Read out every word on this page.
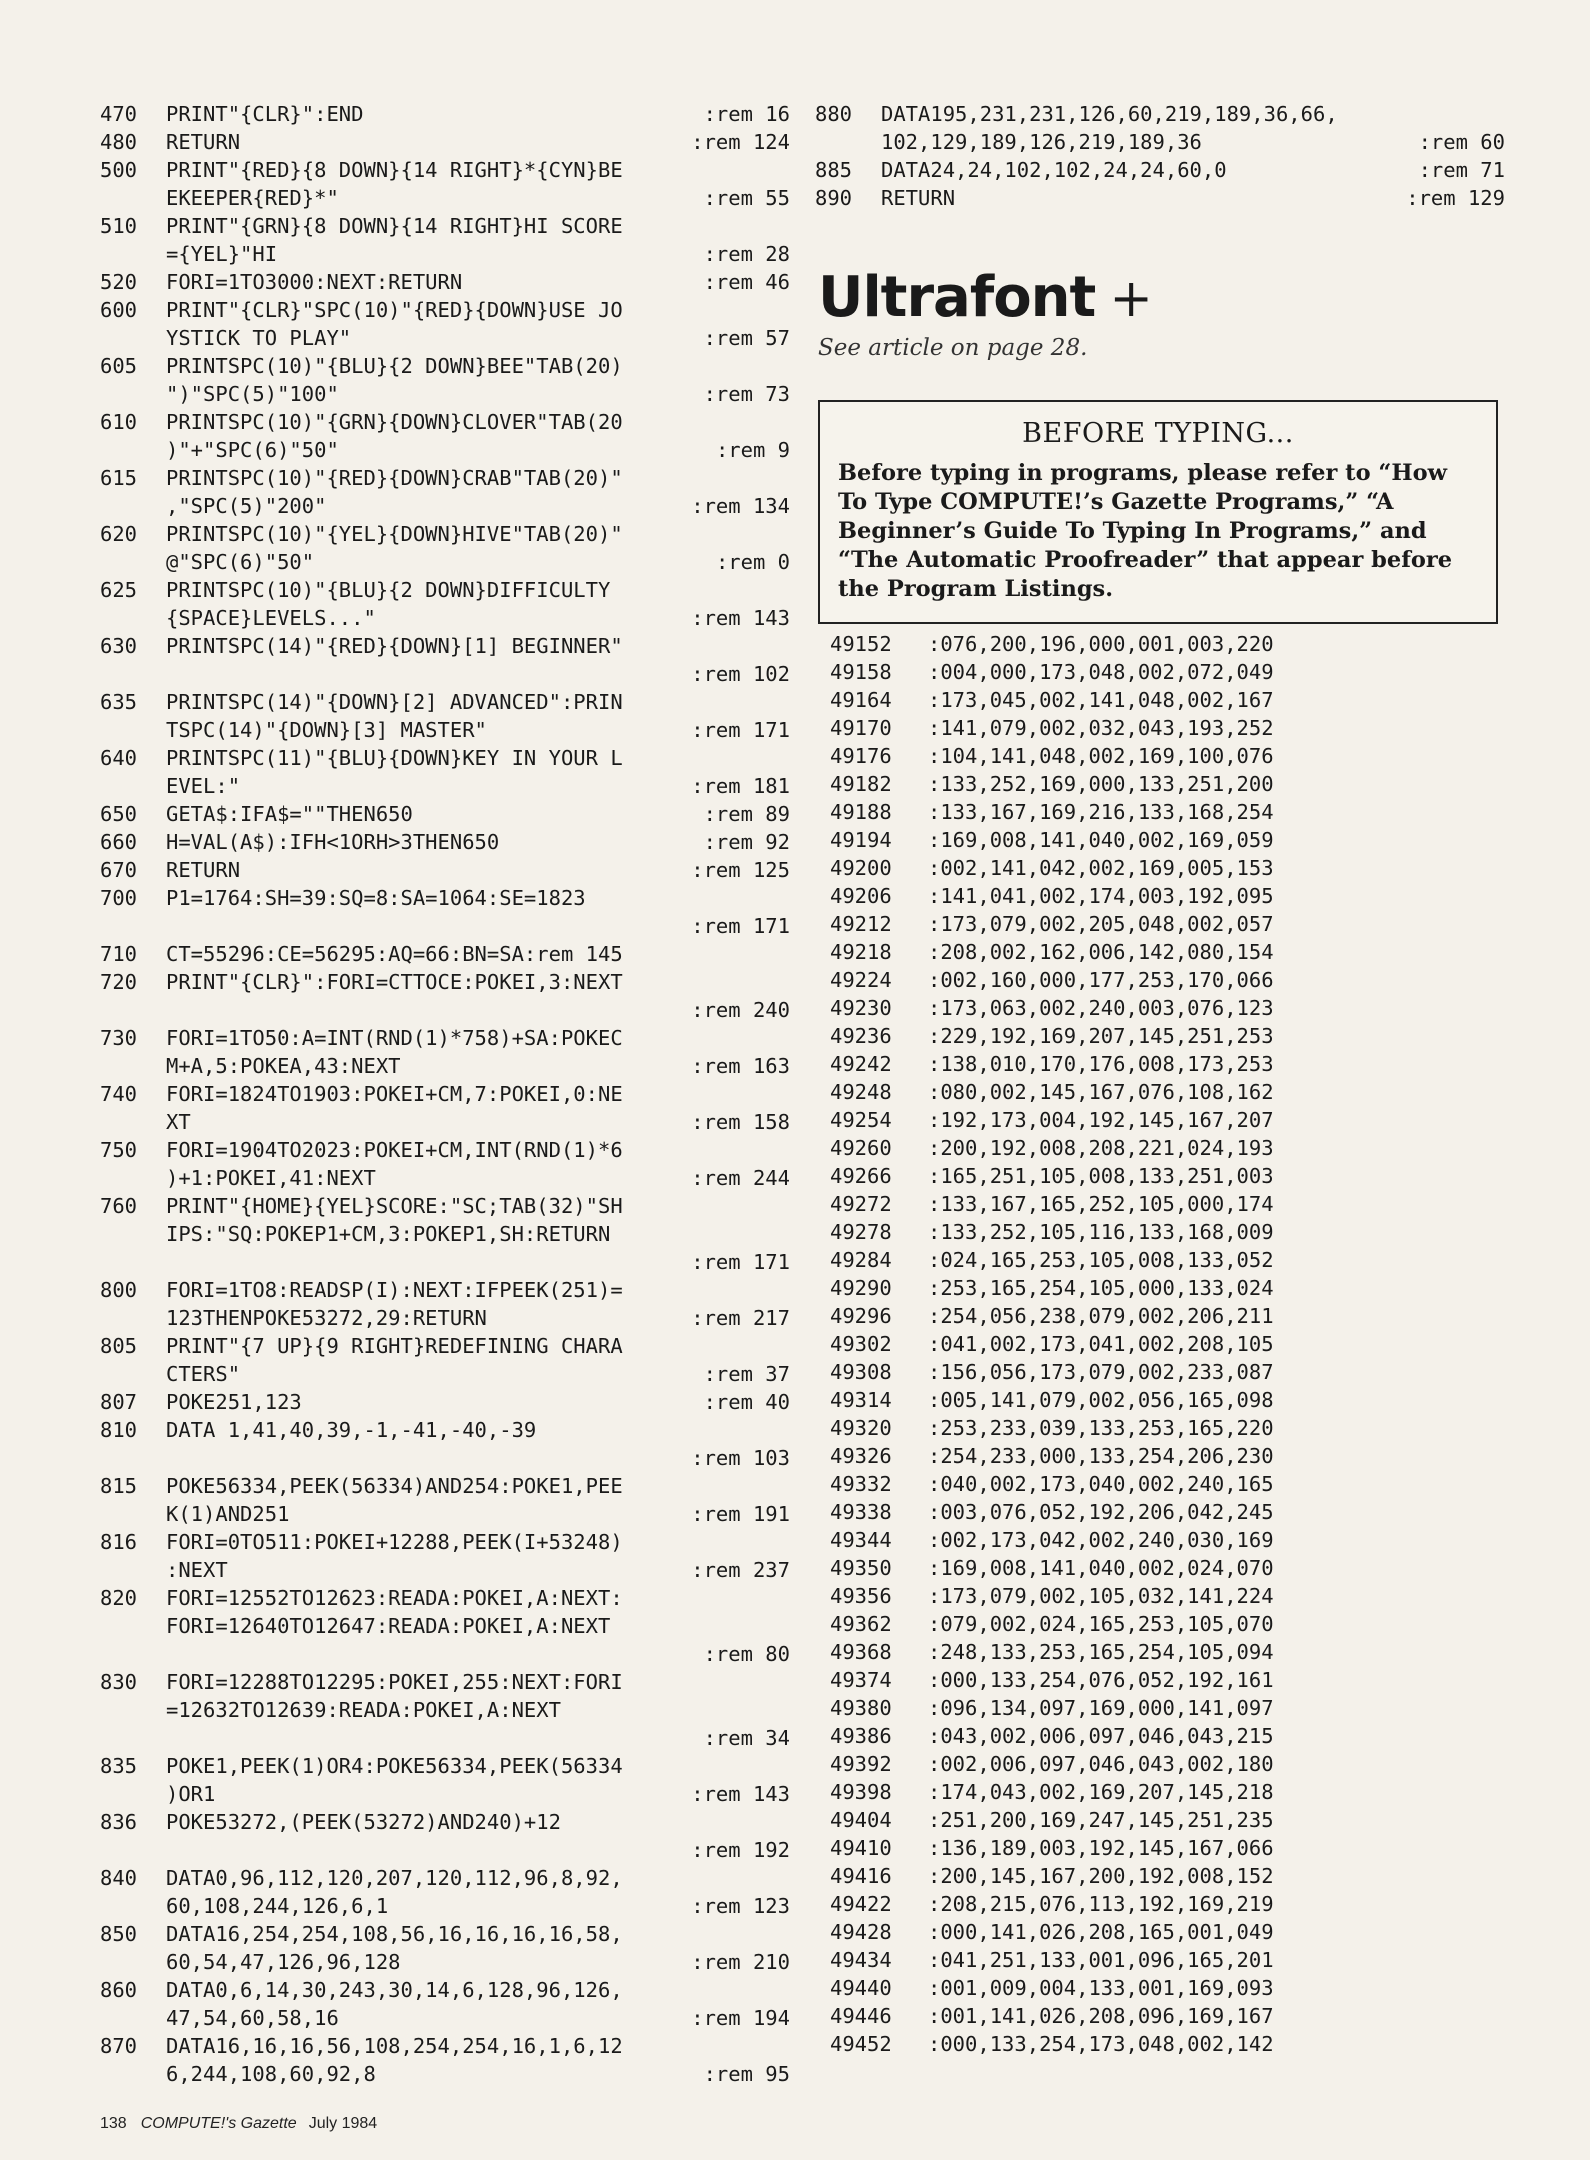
470	PRINT"{CLR}":END	:rem 16
480	RETURN	:rem 124
500	PRINT"{RED}{8 DOWN}{14 RIGHT}*{CYN}BE
EKEEPER{RED}*"	:rem 55
510	PRINT"{GRN}{8 DOWN}{14 RIGHT}HI SCORE
={YEL}"HI	:rem 28
520	FORI=1TO3000:NEXT:RETURN	:rem 46
600	PRINT"{CLR}"SPC(10)"{RED}{DOWN}USE JO
YSTICK TO PLAY"	:rem 57
605	PRINTSPC(10)"{BLU}{2 DOWN}BEE"TAB(20)
")"SPC(5)"100"	:rem 73
610	PRINTSPC(10)"{GRN}{DOWN}CLOVER"TAB(20
)"+"SPC(6)"50"	:rem 9
615	PRINTSPC(10)"{RED}{DOWN}CRAB"TAB(20)"
,"SPC(5)"200"	:rem 134
620	PRINTSPC(10)"{YEL}{DOWN}HIVE"TAB(20)"
@"SPC(6)"50"	:rem 0
625	PRINTSPC(10)"{BLU}{2 DOWN}DIFFICULTY
{SPACE}LEVELS..."	:rem 143
630	PRINTSPC(14)"{RED}{DOWN}[1] BEGINNER"
:rem 102
635	PRINTSPC(14)"{DOWN}[2] ADVANCED":PRIN
TSPC(14)"{DOWN}[3] MASTER"	:rem 171
640	PRINTSPC(11)"{BLU}{DOWN}KEY IN YOUR L
EVEL:"	:rem 181
650	GETA$:IFA$=""THEN650	:rem 89
660	H=VAL(A$):IFH<1ORH>3THEN650	:rem 92
670	RETURN	:rem 125
700	P1=1764:SH=39:SQ=8:SA=1064:SE=1823
:rem 171
710	CT=55296:CE=56295:AQ=66:BN=SA:rem 145
720	PRINT"{CLR}":FORI=CTTOCE:POKEI,3:NEXT
:rem 240
730	FORI=1TO50:A=INT(RND(1)*758)+SA:POKEC
M+A,5:POKEA,43:NEXT	:rem 163
740	FORI=1824TO1903:POKEI+CM,7:POKEI,0:NE
XT	:rem 158
750	FORI=1904TO2023:POKEI+CM,INT(RND(1)*6
)+1:POKEI,41:NEXT	:rem 244
760	PRINT"{HOME}{YEL}SCORE:"SC;TAB(32)"SH
IPS:"SQ:POKEP1+CM,3:POKEP1,SH:RETURN
:rem 171
800	FORI=1TO8:READSP(I):NEXT:IFPEEK(251)=
123THENPOKE53272,29:RETURN	:rem 217
805	PRINT"{7 UP}{9 RIGHT}REDEFINING CHARA
CTERS"	:rem 37
807	POKE251,123	:rem 40
810	DATA 1,41,40,39,-1,-41,-40,-39
:rem 103
815	POKE56334,PEEK(56334)AND254:POKE1,PEE
K(1)AND251	:rem 191
816	FORI=0TO511:POKEI+12288,PEEK(I+53248)
:NEXT	:rem 237
820	FORI=12552TO12623:READA:POKEI,A:NEXT:
FORI=12640TO12647:READA:POKEI,A:NEXT
:rem 80
830	FORI=12288TO12295:POKEI,255:NEXT:FORI
=12632TO12639:READA:POKEI,A:NEXT
:rem 34
835	POKE1,PEEK(1)OR4:POKE56334,PEEK(56334
)OR1	:rem 143
836	POKE53272,(PEEK(53272)AND240)+12
:rem 192
840	DATA0,96,112,120,207,120,112,96,8,92,
60,108,244,126,6,1	:rem 123
850	DATA16,254,254,108,56,16,16,16,16,58,
60,54,47,126,96,128	:rem 210
860	DATA0,6,14,30,243,30,14,6,128,96,126,
47,54,60,58,16	:rem 194
870	DATA16,16,16,56,108,254,254,16,1,6,12
6,244,108,60,92,8	:rem 95
880	DATA195,231,231,126,60,219,189,36,66,
102,129,189,126,219,189,36	:rem 60
885	DATA24,24,102,102,24,24,60,0	:rem 71
890	RETURN	:rem 129
Ultrafont +
See article on page 28.
BEFORE TYPING...

Before typing in programs, please refer to “How To Type COMPUTE!’s Gazette Programs,” “A Beginner’s Guide To Typing In Programs,” and “The Automatic Proofreader” that appear before the Program Listings.

49152	:076,200,196,000,001,003,220
49158	:004,000,173,048,002,072,049
49164	:173,045,002,141,048,002,167
49170	:141,079,002,032,043,193,252
49176	:104,141,048,002,169,100,076
49182	:133,252,169,000,133,251,200
49188	:133,167,169,216,133,168,254
49194	:169,008,141,040,002,169,059
49200	:002,141,042,002,169,005,153
49206	:141,041,002,174,003,192,095
49212	:173,079,002,205,048,002,057
49218	:208,002,162,006,142,080,154
49224	:002,160,000,177,253,170,066
49230	:173,063,002,240,003,076,123
49236	:229,192,169,207,145,251,253
49242	:138,010,170,176,008,173,253
49248	:080,002,145,167,076,108,162
49254	:192,173,004,192,145,167,207
49260	:200,192,008,208,221,024,193
49266	:165,251,105,008,133,251,003
49272	:133,167,165,252,105,000,174
49278	:133,252,105,116,133,168,009
49284	:024,165,253,105,008,133,052
49290	:253,165,254,105,000,133,024
49296	:254,056,238,079,002,206,211
49302	:041,002,173,041,002,208,105
49308	:156,056,173,079,002,233,087
49314	:005,141,079,002,056,165,098
49320	:253,233,039,133,253,165,220
49326	:254,233,000,133,254,206,230
49332	:040,002,173,040,002,240,165
49338	:003,076,052,192,206,042,245
49344	:002,173,042,002,240,030,169
49350	:169,008,141,040,002,024,070
49356	:173,079,002,105,032,141,224
49362	:079,002,024,165,253,105,070
49368	:248,133,253,165,254,105,094
49374	:000,133,254,076,052,192,161
49380	:096,134,097,169,000,141,097
49386	:043,002,006,097,046,043,215
49392	:002,006,097,046,043,002,180
49398	:174,043,002,169,207,145,218
49404	:251,200,169,247,145,251,235
49410	:136,189,003,192,145,167,066
49416	:200,145,167,200,192,008,152
49422	:208,215,076,113,192,169,219
49428	:000,141,026,208,165,001,049
49434	:041,251,133,001,096,165,201
49440	:001,009,004,133,001,169,093
49446	:001,141,026,208,096,169,167
49452	:000,133,254,173,048,002,142
138 COMPUTE!'s Gazette July 1984
